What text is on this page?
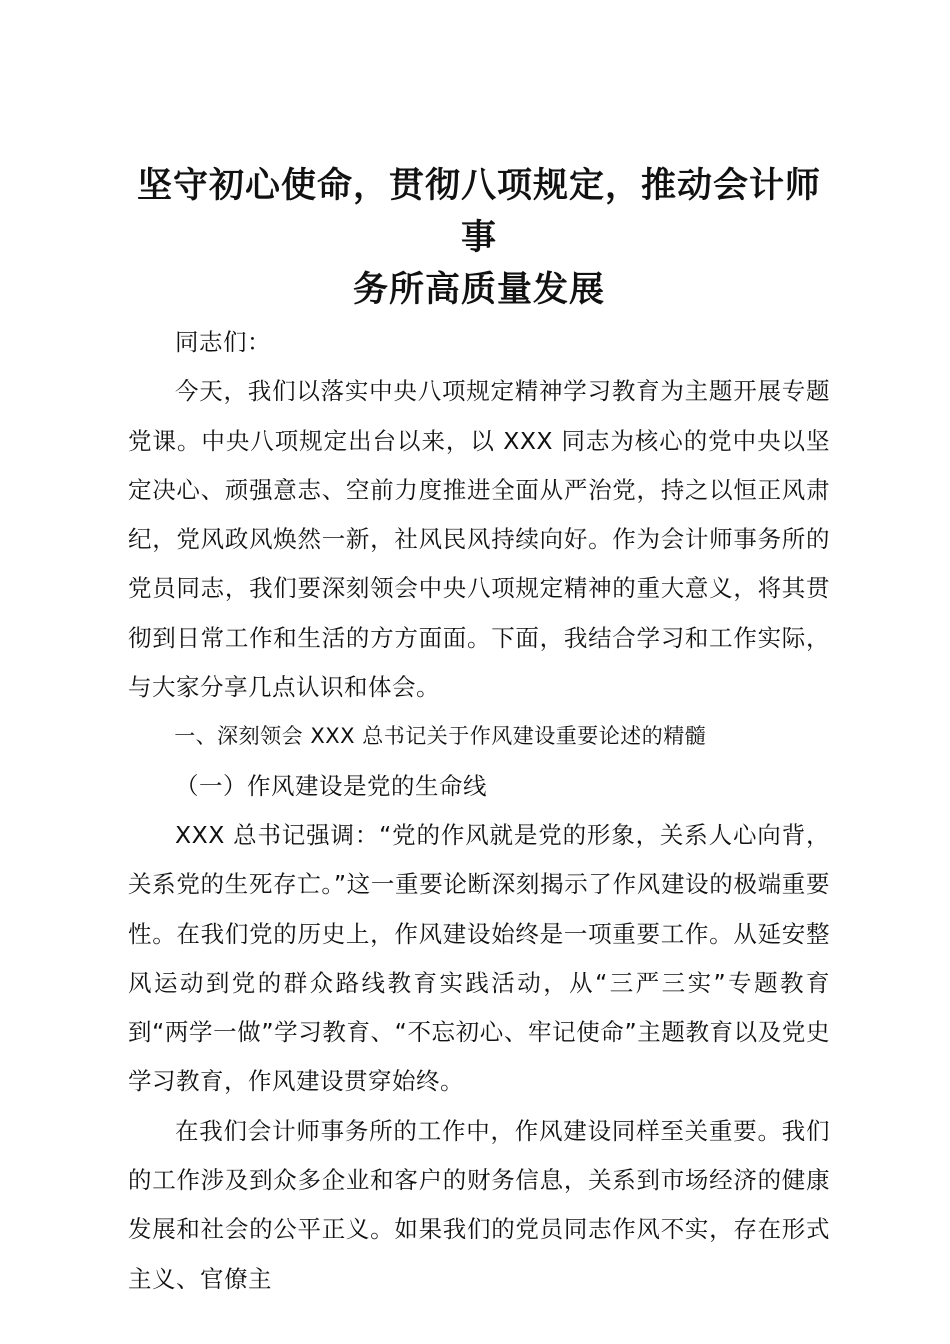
坚守初心使命，贯彻八项规定，推动会计师事
务所高质量发展

同志们：

今天，我们以落实中央八项规定精神学习教育为主题开展专题党课。中央八项规定出台以来，以 XXX 同志为核心的党中央以坚定决心、顽强意志、空前力度推进全面从严治党，持之以恒正风肃纪，党风政风焕然一新，社风民风持续向好。作为会计师事务所的党员同志，我们要深刻领会中央八项规定精神的重大意义，将其贯彻到日常工作和生活的方方面面。下面，我结合学习和工作实际，与大家分享几点认识和体会。

一、深刻领会 XXX 总书记关于作风建设重要论述的精髓

（一）作风建设是党的生命线

XXX 总书记强调：“党的作风就是党的形象，关系人心向背，关系党的生死存亡。”这一重要论断深刻揭示了作风建设的极端重要性。在我们党的历史上，作风建设始终是一项重要工作。从延安整风运动到党的群众路线教育实践活动，从“三严三实”专题教育到“两学一做”学习教育、“不忘初心、牢记使命”主题教育以及党史学习教育，作风建设贯穿始终。

在我们会计师事务所的工作中，作风建设同样至关重要。我们的工作涉及到众多企业和客户的财务信息，关系到市场经济的健康发展和社会的公平正义。如果我们的党员同志作风不实，存在形式主义、官僚主
